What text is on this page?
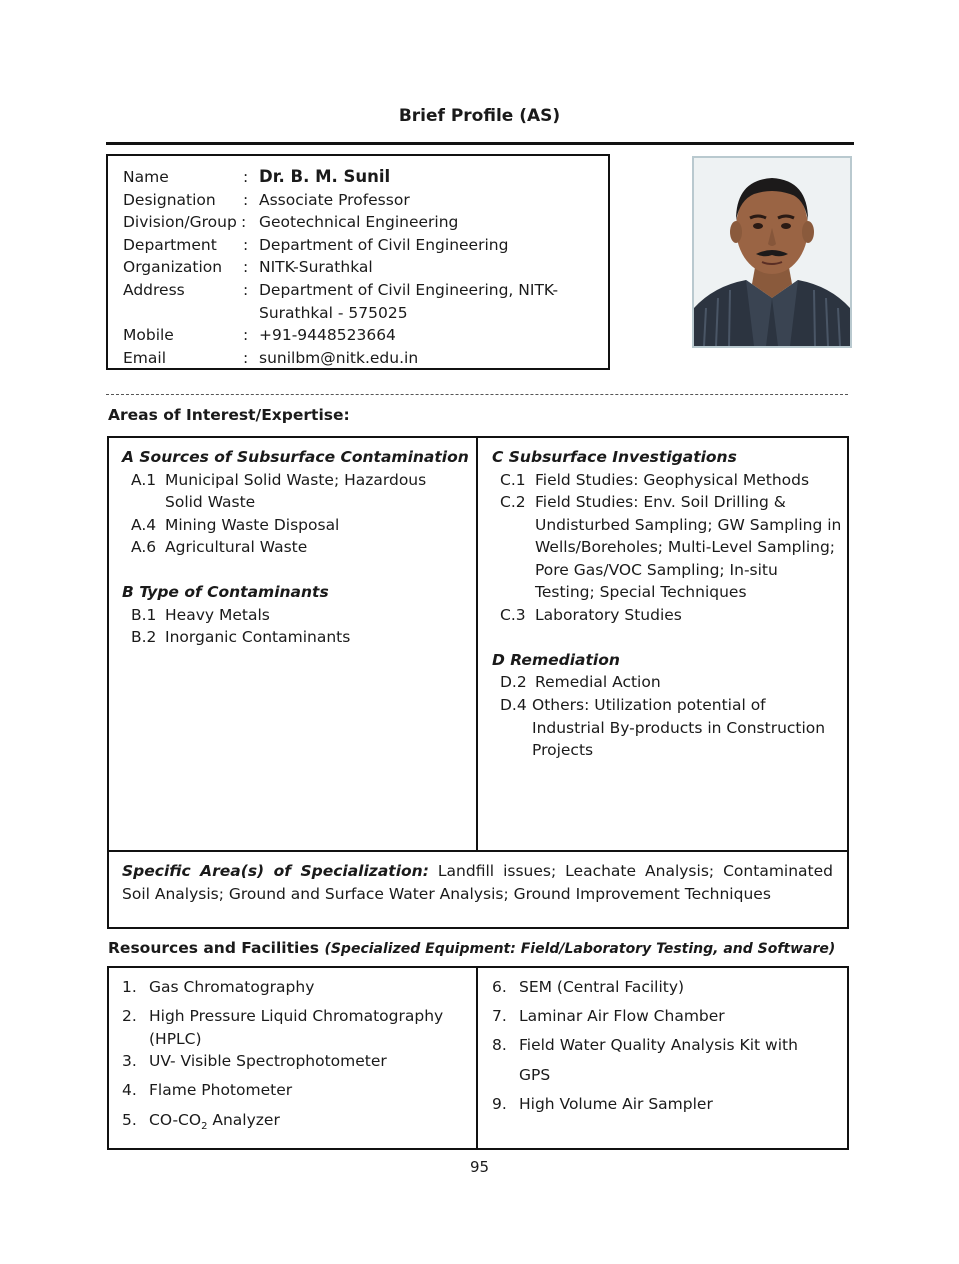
Brief Profile (AS)
Name	: Dr. B. M. Sunil
Designation : Associate Professor
Division/Group : Geotechnical Engineering
Department : Department of Civil Engineering
Organization : NITK-Surathkal
Address	: Department of Civil Engineering, NITK-
Surathkal - 575025
Mobile	: +91-9448523664
Email	: sunilbm@nitk.edu.in
Areas of Interest/Expertise:
A Sources of Subsurface Contamination
A.1 Municipal Solid Waste; Hazardous
Solid Waste
A.4 Mining Waste Disposal
A.6 Agricultural Waste
B Type of Contaminants
B.1 Heavy Metals
B.2 Inorganic Contaminants
C Subsurface Investigations
C.1 Field Studies: Geophysical Methods
C.2 Field Studies: Env. Soil Drilling &
Undisturbed Sampling; GW Sampling in
Wells/Boreholes; Multi-Level Sampling;
Pore Gas/VOC Sampling; In-situ
Testing; Special Techniques
C.3 Laboratory Studies
D Remediation
D.2 Remedial Action
D.4 Others: Utilization potential of
Industrial By-products in Construction
Projects
Specific Area(s) of Specialization: Landfill issues; Leachate Analysis; Contaminated Soil Analysis; Ground and Surface Water Analysis; Ground Improvement Techniques
Resources and Facilities (Specialized Equipment: Field/Laboratory Testing, and Software)
1. Gas Chromatography
2. High Pressure Liquid Chromatography
(HPLC)
3. UV- Visible Spectrophotometer
4. Flame Photometer
5. $CO-CO_2$ Analyzer
6. SEM (Central Facility)
7. Laminar Air Flow Chamber
8. Field Water Quality Analysis Kit with
GPS
9. High Volume Air Sampler
95
